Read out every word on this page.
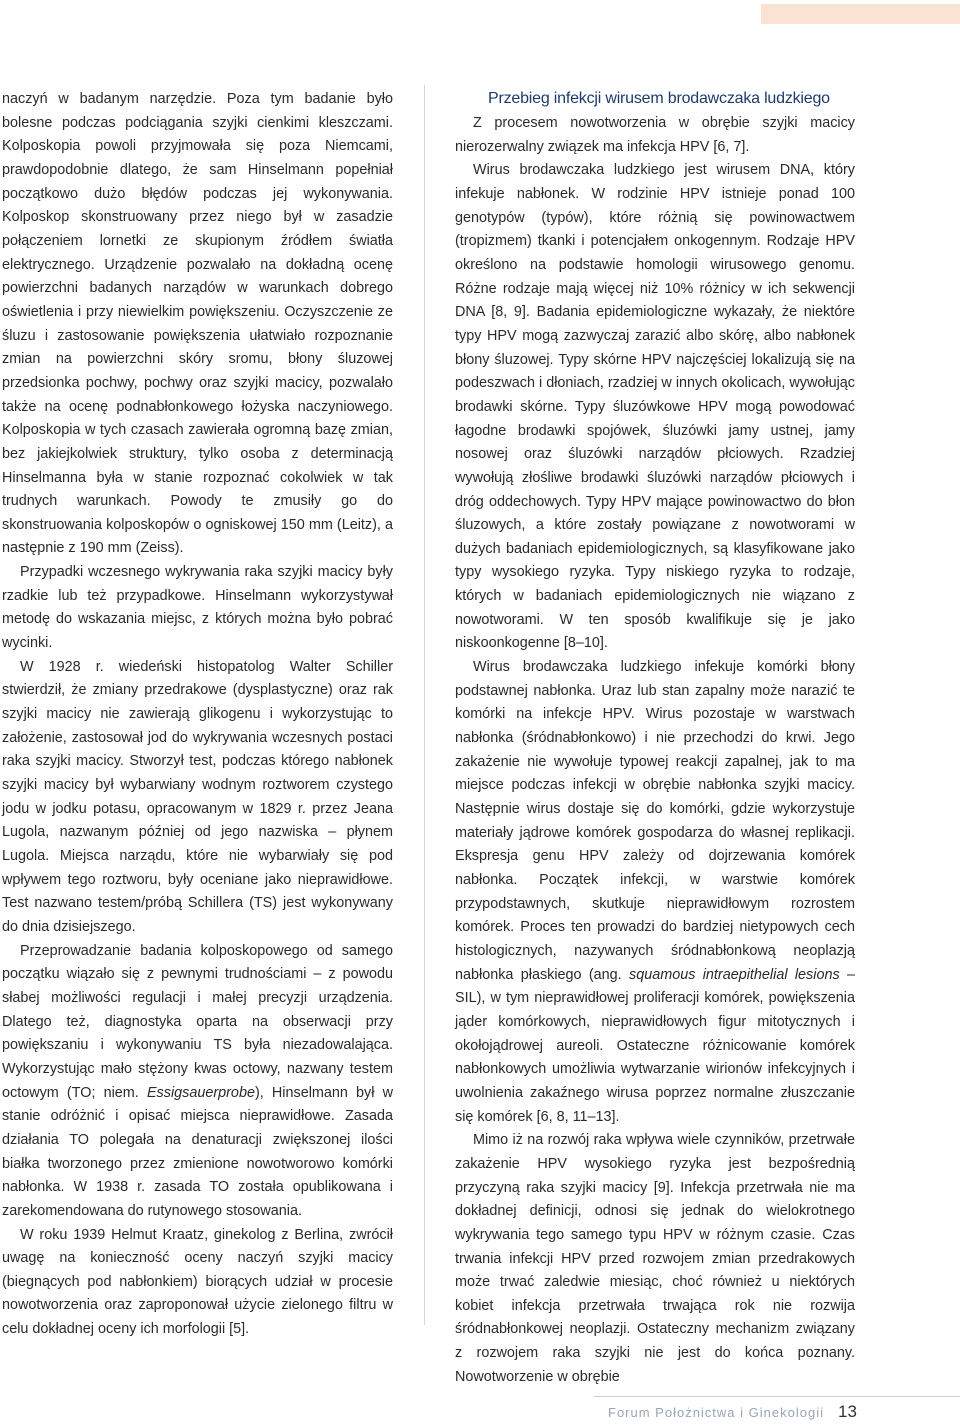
naczyń w badanym narzędzie. Poza tym badanie było bolesne podczas podciągania szyjki cienkimi kleszczami. Kolposkopia powoli przyjmowała się poza Niemcami, prawdopodobnie dlatego, że sam Hinselmann popełniał początkowo dużo błędów podczas jej wykonywania. Kolposkop skonstruowany przez niego był w zasadzie połączeniem lornetki ze skupionym źródłem światła elektrycznego. Urządzenie pozwalało na dokładną ocenę powierzchni badanych narządów w warunkach dobrego oświetlenia i przy niewielkim powiększeniu. Oczyszczenie ze śluzu i zastosowanie powiększenia ułatwiało rozpoznanie zmian na powierzchni skóry sromu, błony śluzowej przedsionka pochwy, pochwy oraz szyjki macicy, pozwalało także na ocenę podnabłonkowego łożyska naczyniowego. Kolposkopia w tych czasach zawierała ogromną bazę zmian, bez jakiejkolwiek struktury, tylko osoba z determinacją Hinselmanna była w stanie rozpoznać cokolwiek w tak trudnych warunkach. Powody te zmusiły go do skonstruowania kolposkopów o ogniskowej 150 mm (Leitz), a następnie z 190 mm (Zeiss).

Przypadki wczesnego wykrywania raka szyjki macicy były rzadkie lub też przypadkowe. Hinselmann wykorzystywał metodę do wskazania miejsc, z których można było pobrać wycinki.

W 1928 r. wiedeński histopatolog Walter Schiller stwierdził, że zmiany przedrakowe (dysplastyczne) oraz rak szyjki macicy nie zawierają glikogenu i wykorzystując to założenie, zastosował jod do wykrywania wczesnych postaci raka szyjki macicy. Stworzył test, podczas którego nabłonek szyjki macicy był wybarwiany wodnym roztworem czystego jodu w jodku potasu, opracowanym w 1829 r. przez Jeana Lugola, nazwanym później od jego nazwiska – płynem Lugola. Miejsca narządu, które nie wybarwiały się pod wpływem tego roztworu, były oceniane jako nieprawidłowe. Test nazwano testem/próbą Schillera (TS) jest wykonywany do dnia dzisiejszego.

Przeprowadzanie badania kolposkopowego od samego początku wiązało się z pewnymi trudnościami – z powodu słabej możliwości regulacji i małej precyzji urządzenia. Dlatego też, diagnostyka oparta na obserwacji przy powiększaniu i wykonywaniu TS była niezadowalająca. Wykorzystując mało stężony kwas octowy, nazwany testem octowym (TO; niem. Essigsauerprobe), Hinselmann był w stanie odróżnić i opisać miejsca nieprawidłowe. Zasada działania TO polegała na denaturacji zwiększonej ilości białka tworzonego przez zmienione nowotworowo komórki nabłonka. W 1938 r. zasada TO została opublikowana i zarekomendowana do rutynowego stosowania.

W roku 1939 Helmut Kraatz, ginekolog z Berlina, zwrócił uwagę na konieczność oceny naczyń szyjki macicy (biegnących pod nabłonkiem) biorących udział w procesie nowotworzenia oraz zaproponował użycie zielonego filtru w celu dokładnej oceny ich morfologii [5].

Przebieg infekcji wirusem brodawczaka ludzkiego

Z procesem nowotworzenia w obrębie szyjki macicy nierozerwalny związek ma infekcja HPV [6, 7].

Wirus brodawczaka ludzkiego jest wirusem DNA, który infekuje nabłonek. W rodzinie HPV istnieje ponad 100 genotypów (typów), które różnią się powinowactwem (tropizmem) tkanki i potencjałem onkogennym. Rodzaje HPV określono na podstawie homologii wirusowego genomu. Różne rodzaje mają więcej niż 10% różnicy w ich sekwencji DNA [8, 9]. Badania epidemiologiczne wykazały, że niektóre typy HPV mogą zazwyczaj zarazić albo skórę, albo nabłonek błony śluzowej. Typy skórne HPV najczęściej lokalizują się na podeszwach i dłoniach, rzadziej w innych okolicach, wywołując brodawki skórne. Typy śluzówkowe HPV mogą powodować łagodne brodawki spojówek, śluzówki jamy ustnej, jamy nosowej oraz śluzówki narządów płciowych. Rzadziej wywołują złośliwe brodawki śluzówki narządów płciowych i dróg oddechowych. Typy HPV mające powinowactwo do błon śluzowych, a które zostały powiązane z nowotworami w dużych badaniach epidemiologicznych, są klasyfikowane jako typy wysokiego ryzyka. Typy niskiego ryzyka to rodzaje, których w badaniach epidemiologicznych nie wiązano z nowotworami. W ten sposób kwalifikuje się je jako niskoonkogenne [8–10].

Wirus brodawczaka ludzkiego infekuje komórki błony podstawnej nabłonka. Uraz lub stan zapalny może narazić te komórki na infekcje HPV. Wirus pozostaje w warstwach nabłonka (śródnabłonkowo) i nie przechodzi do krwi. Jego zakażenie nie wywołuje typowej reakcji zapalnej, jak to ma miejsce podczas infekcji w obrębie nabłonka szyjki macicy. Następnie wirus dostaje się do komórki, gdzie wykorzystuje materiały jądrowe komórek gospodarza do własnej replikacji. Ekspresja genu HPV zależy od dojrzewania komórek nabłonka. Początek infekcji, w warstwie komórek przypodstawnych, skutkuje nieprawidłowym rozrostem komórek. Proces ten prowadzi do bardziej nietypowych cech histologicznych, nazywanych śródnabłonkową neoplazją nabłonka płaskiego (ang. squamous intraepithelial lesions – SIL), w tym nieprawidłowej proliferacji komórek, powiększenia jąder komórkowych, nieprawidłowych figur mitotycznych i okołojądrowej aureoli. Ostateczne różnicowanie komórek nabłonkowych umożliwia wytwarzanie wirionów infekcyjnych i uwolnienia zakaźnego wirusa poprzez normalne złuszczanie się komórek [6, 8, 11–13].

Mimo iż na rozwój raka wpływa wiele czynników, przetrwałe zakażenie HPV wysokiego ryzyka jest bezpośrednią przyczyną raka szyjki macicy [9]. Infekcja przetrwała nie ma dokładnej definicji, odnosi się jednak do wielokrotnego wykrywania tego samego typu HPV w różnym czasie. Czas trwania infekcji HPV przed rozwojem zmian przedrakowych może trwać zaledwie miesiąc, choć również u niektórych kobiet infekcja przetrwała trwająca rok nie rozwija śródnabłonkowej neoplazji. Ostateczny mechanizm związany z rozwojem raka szyjki nie jest do końca poznany. Nowotworzenie w obrębie

Forum Położnictwa i Ginekologii 13
